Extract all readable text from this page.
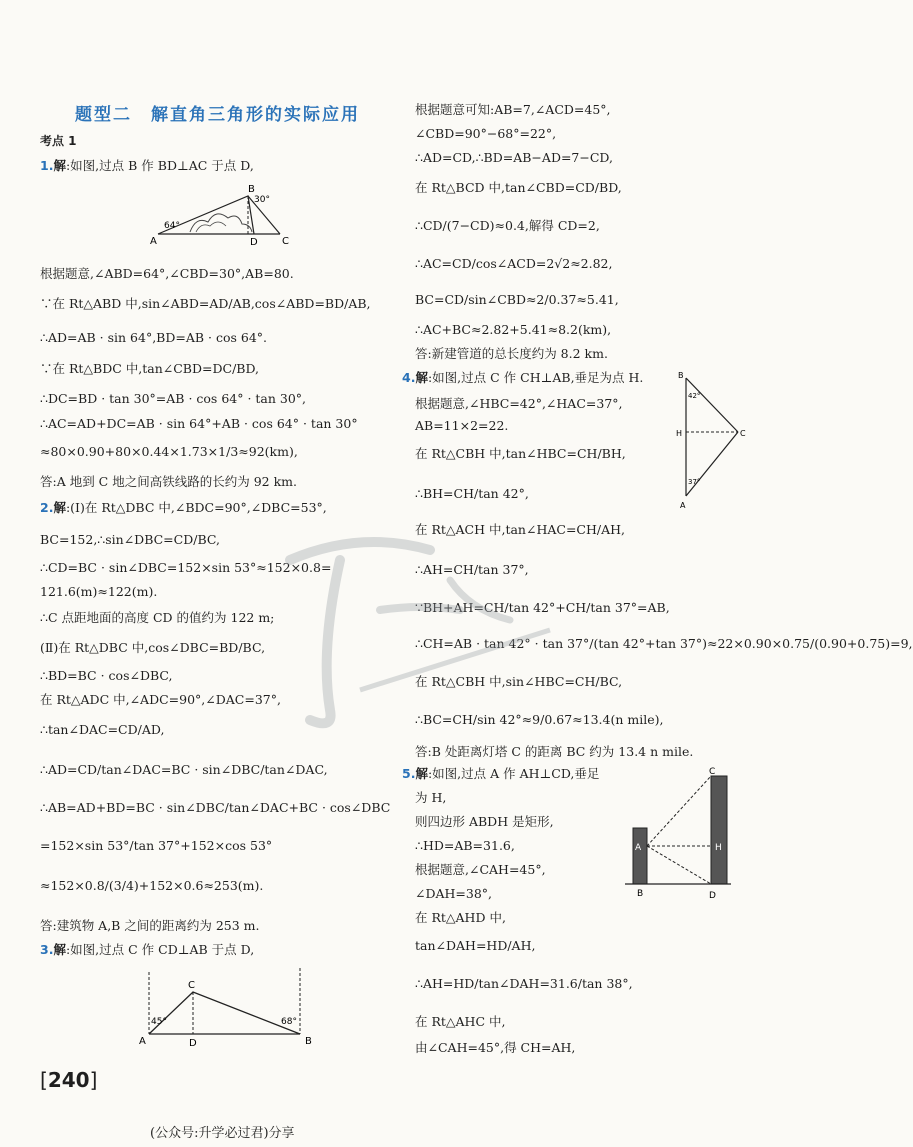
题型二　解直角三角形的实际应用
考点 1
1.解:如图,过点 B 作 BD⊥AC 于点 D,
B
A	D C
64°
30°
根据题意,∠ABD=64°,∠CBD=30°,AB=80.
∵在 Rt△ABD 中,sin∠ABD=AD/AB,cos∠ABD=BD/AB,
∴AD=AB · sin 64°,BD=AB · cos 64°.
∵在 Rt△BDC 中,tan∠CBD=DC/BD,
∴DC=BD · tan 30°=AB · cos 64° · tan 30°,
∴AC=AD+DC=AB · sin 64°+AB · cos 64° · tan 30°
≈80×0.90+80×0.44×1.73×1/3≈92(km),
答:A 地到 C 地之间高铁线路的长约为 92 km.
2.解:(Ⅰ)在 Rt△DBC 中,∠BDC=90°,∠DBC=53°,
BC=152,∴sin∠DBC=CD/BC,
∴CD=BC · sin∠DBC=152×sin 53°≈152×0.8=
121.6(m)≈122(m).
∴C 点距地面的高度 CD 的值约为 122 m;
(Ⅱ)在 Rt△DBC 中,cos∠DBC=BD/BC,
∴BD=BC · cos∠DBC,
在 Rt△ADC 中,∠ADC=90°,∠DAC=37°,
∴tan∠DAC=CD/AD,
∴AD=CD/tan∠DAC=BC · sin∠DBC/tan∠DAC,
∴AB=AD+BD=BC · sin∠DBC/tan∠DAC+BC · cos∠DBC
=152×sin 53°/tan 37°+152×cos 53°
≈152×0.8/(3/4)+152×0.6≈253(m).
答:建筑物 A,B 之间的距离约为 253 m.
3.解:如图,过点 C 作 CD⊥AB 于点 D,
C
A	D	B
45°	68°
[240]
(公众号:升学必过君)分享
根据题意可知:AB=7,∠ACD=45°,
∠CBD=90°−68°=22°,
∴AD=CD,∴BD=AB−AD=7−CD,
在 Rt△BCD 中,tan∠CBD=CD/BD,
∴CD/(7−CD)≈0.4,解得 CD=2,
∴AC=CD/cos∠ACD=2√2≈2.82,
BC=CD/sin∠CBD≈2/0.37≈5.41,
∴AC+BC≈2.82+5.41≈8.2(km),
答:新建管道的总长度约为 8.2 km.
4.解:如图,过点 C 作 CH⊥AB,垂足为点 H.
根据题意,∠HBC=42°,∠HAC=37°,
AB=11×2=22.
在 Rt△CBH 中,tan∠HBC=CH/BH,
∴BH=CH/tan 42°,
在 Rt△ACH 中,tan∠HAC=CH/AH,
∴AH=CH/tan 37°,
∵BH+AH=CH/tan 42°+CH/tan 37°=AB,
∴CH=AB · tan 42° · tan 37°/(tan 42°+tan 37°)≈22×0.90×0.75/(0.90+0.75)=9,
在 Rt△CBH 中,sin∠HBC=CH/BC,
∴BC=CH/sin 42°≈9/0.67≈13.4(n mile),
答:B 处距离灯塔 C 的距离 BC 约为 13.4 n mile.
B
H	C
A
42°
37°
5.解:如图,过点 A 作 AH⊥CD,垂足
为 H,
则四边形 ABDH 是矩形,
∴HD=AB=31.6,
根据题意,∠CAH=45°,
∠DAH=38°,
在 Rt△AHD 中,
tan∠DAH=HD/AH,
∴AH=HD/tan∠DAH=31.6/tan 38°,
在 Rt△AHC 中,
由∠CAH=45°,得 CH=AH,
C
A	H
B	D
